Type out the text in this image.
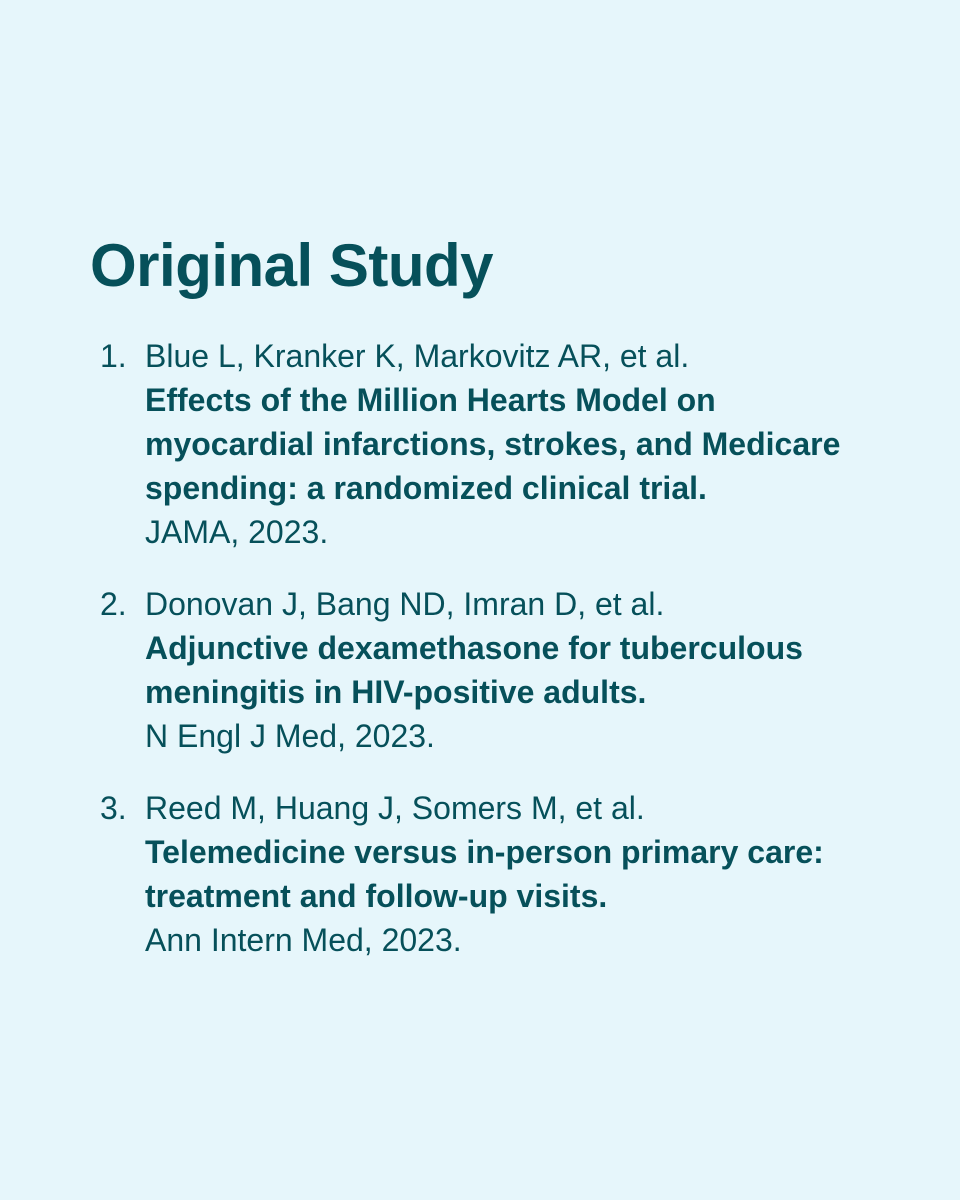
Original Study
1. Blue L, Kranker K, Markovitz AR, et al.
Effects of the Million Hearts Model on myocardial infarctions, strokes, and Medicare spending: a randomized clinical trial.
JAMA, 2023.
2. Donovan J, Bang ND, Imran D, et al.
Adjunctive dexamethasone for tuberculous meningitis in HIV-positive adults.
N Engl J Med, 2023.
3. Reed M, Huang J, Somers M, et al.
Telemedicine versus in-person primary care: treatment and follow-up visits.
Ann Intern Med, 2023.
